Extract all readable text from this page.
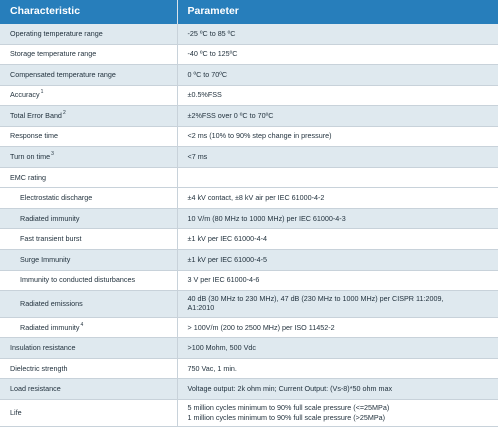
Characteristic	Parameter
Operating temperature range	-25 ºC to 85 ºC
Storage temperature range	-40 ºC to 125ºC
Compensated temperature range	0 ºC to 70ºC
Accuracy$^1$	±0.5%FSS
Total Error Band$^2$	±2%FSS over 0 ºC to 70ºC
Response time	<2 ms (10% to 90% step change in pressure)
Turn on time$^3$	<7 ms
EMC rating	
Electrostatic discharge	±4 kV contact, ±8 kV air per IEC 61000-4-2
Radiated immunity	10 V/m (80 MHz to 1000 MHz) per IEC 61000-4-3
Fast transient burst	±1 kV per IEC 61000-4-4
Surge Immunity	±1 kV per IEC 61000-4-5
Immunity to conducted disturbances	3 V per IEC 61000-4-6
Radiated emissions	40 dB (30 MHz to 230 MHz), 47 dB (230 MHz to 1000 MHz) per CISPR 11:2009,
A1:2010

Radiated immunity$^4$	> 100V/m (200 to 2500 MHz) per ISO 11452-2
Insulation resistance	>100 Mohm, 500 Vdc
Dielectric strength	750 Vac, 1 min.
Load resistance	Voltage output: 2k ohm min; Current Output: (Vs-8)*50 ohm max
Life	5 million cycles minimum to 90% full scale pressure (<=25MPa)
1 million cycles minimum to 90% full scale pressure (>25MPa)
